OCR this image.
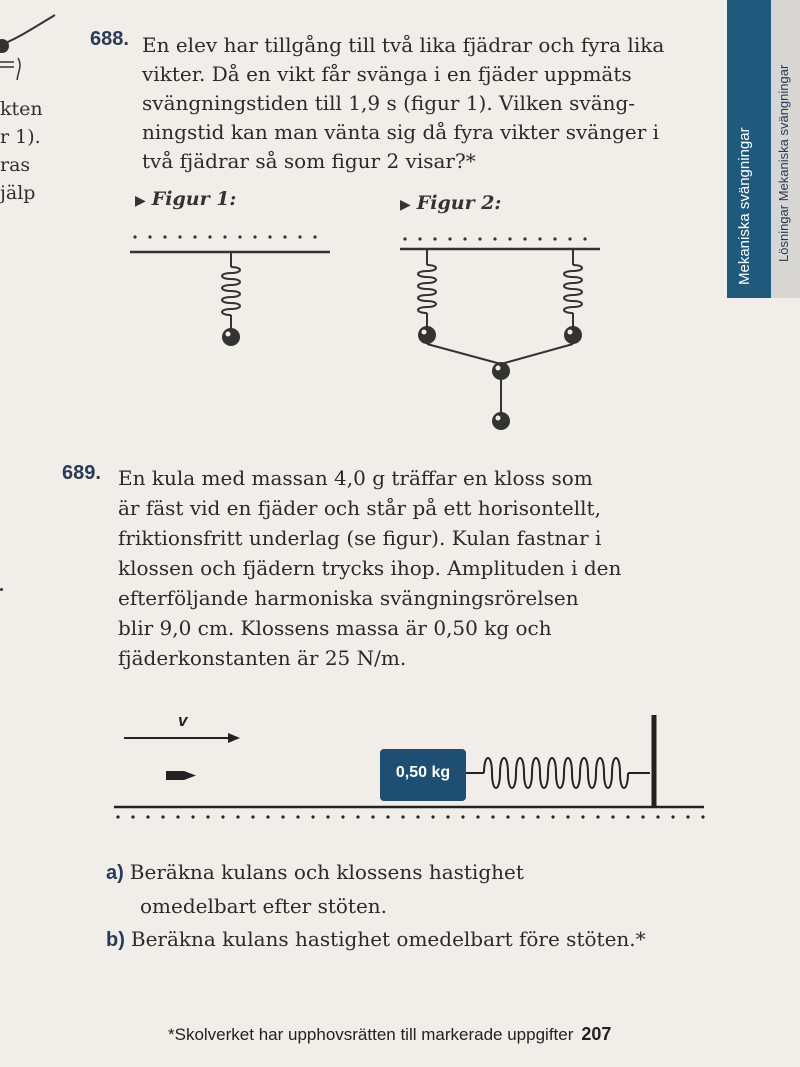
kten
r 1).
ras
jälp	Mekaniska svängningar Lösningar Mekaniska svängningar
688. En elev har tillgång till två lika fjädrar och fyra lika
vikter. Då en vikt får svänga i en fjäder uppmäts
svängningstiden till 1,9 s (figur 1). Vilken sväng-
ningstid kan man vänta sig då fyra vikter svänger i
två fjädrar så som figur 2 visar?*
▶ Figur 1:	▶ Figur 2:
689. En kula med massan 4,0 g träffar en kloss som
är fäst vid en fjäder och står på ett horisontellt,
friktionsfritt underlag (se figur). Kulan fastnar i
klossen och fjädern trycks ihop. Amplituden i den
efterföljande harmoniska svängningsrörelsen
blir 9,0 cm. Klossens massa är 0,50 kg och
fjäderkonstanten är 25 N/m.
v
0,50 kg
a) Beräkna kulans och klossens hastighet
omedelbart efter stöten.
b) Beräkna kulans hastighet omedelbart före stöten.*
*Skolverket har upphovsrätten till markerade uppgifter 207
